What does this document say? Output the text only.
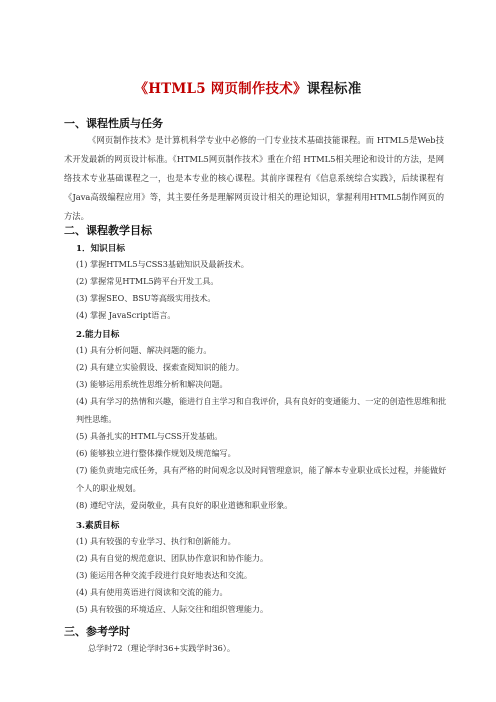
《HTML5 网页制作技术》课程标准
一、课程性质与任务
《网页制作技术》是计算机科学专业中必修的一门专业技术基础技能课程。而 HTML5是Web技术开发最新的网页设计标准。《HTML5网页制作技术》重在介绍 HTML5相关理论和设计的方法，是网络技术专业基础课程之一，也是本专业的核心课程。其前序课程有《信息系统综合实践》，后续课程有《Java高级编程应用》等，其主要任务是理解网页设计相关的理论知识，掌握利用HTML5制作网页的方法。
二、课程教学目标
1．知识目标
(1) 掌握HTML5与CSS3基础知识及最新技术。
(2) 掌握常见HTML5跨平台开发工具。
(3) 掌握SEO、BSU等高级实用技术。
(4) 掌握 JavaScript语言。
2.能力目标
(1) 具有分析问题、解决问题的能力。
(2) 具有建立实验假设、探索查阅知识的能力。
(3) 能够运用系统性思维分析和解决问题。
(4) 具有学习的热情和兴趣，能进行自主学习和自我评价，具有良好的变通能力、一定的创造性思维和批判性思维。
(5) 具备扎实的HTML与CSS开发基础。
(6) 能够独立进行整体操作规划及规范编写。
(7) 能负责地完成任务，具有严格的时间观念以及时间管理意识，能了解本专业职业成长过程，并能做好个人的职业规划。
(8) 遵纪守法，爱岗敬业，具有良好的职业道德和职业形象。
3.素质目标
(1) 具有较强的专业学习、执行和创新能力。
(2) 具有自觉的规范意识、团队协作意识和协作能力。
(3) 能运用各种交流手段进行良好地表达和交流。
(4) 具有使用英语进行阅读和交流的能力。
(5) 具有较强的环境适应、人际交往和组织管理能力。
三、参考学时
总学时72（理论学时36+实践学时36）。
